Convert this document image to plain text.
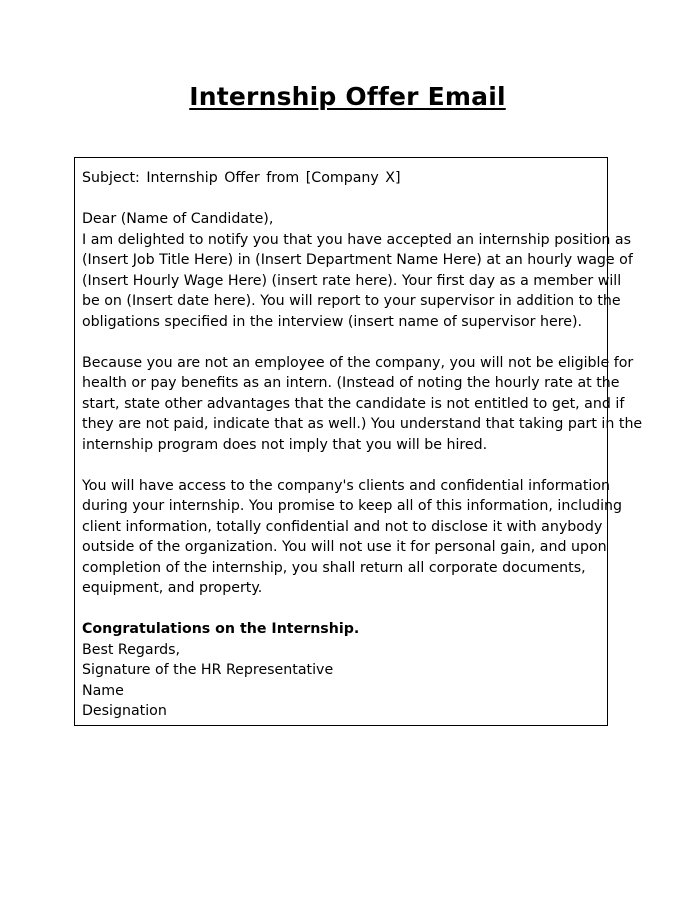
Internship Offer Email

Subject: Internship Offer from [Company X]

Dear (Name of Candidate),

I am delighted to notify you that you have accepted an internship position as

(Insert Job Title Here) in (Insert Department Name Here) at an hourly wage of

(Insert Hourly Wage Here) (insert rate here). Your first day as a member will

be on (Insert date here). You will report to your supervisor in addition to the

obligations specified in the interview (insert name of supervisor here).

Because you are not an employee of the company, you will not be eligible for

health or pay benefits as an intern. (Instead of noting the hourly rate at the

start, state other advantages that the candidate is not entitled to get, and if

they are not paid, indicate that as well.) You understand that taking part in the

internship program does not imply that you will be hired.

You will have access to the company's clients and confidential information

during your internship. You promise to keep all of this information, including

client information, totally confidential and not to disclose it with anybody

outside of the organization. You will not use it for personal gain, and upon

completion of the internship, you shall return all corporate documents,

equipment, and property.

Congratulations on the Internship.

Best Regards,

Signature of the HR Representative

Name

Designation
